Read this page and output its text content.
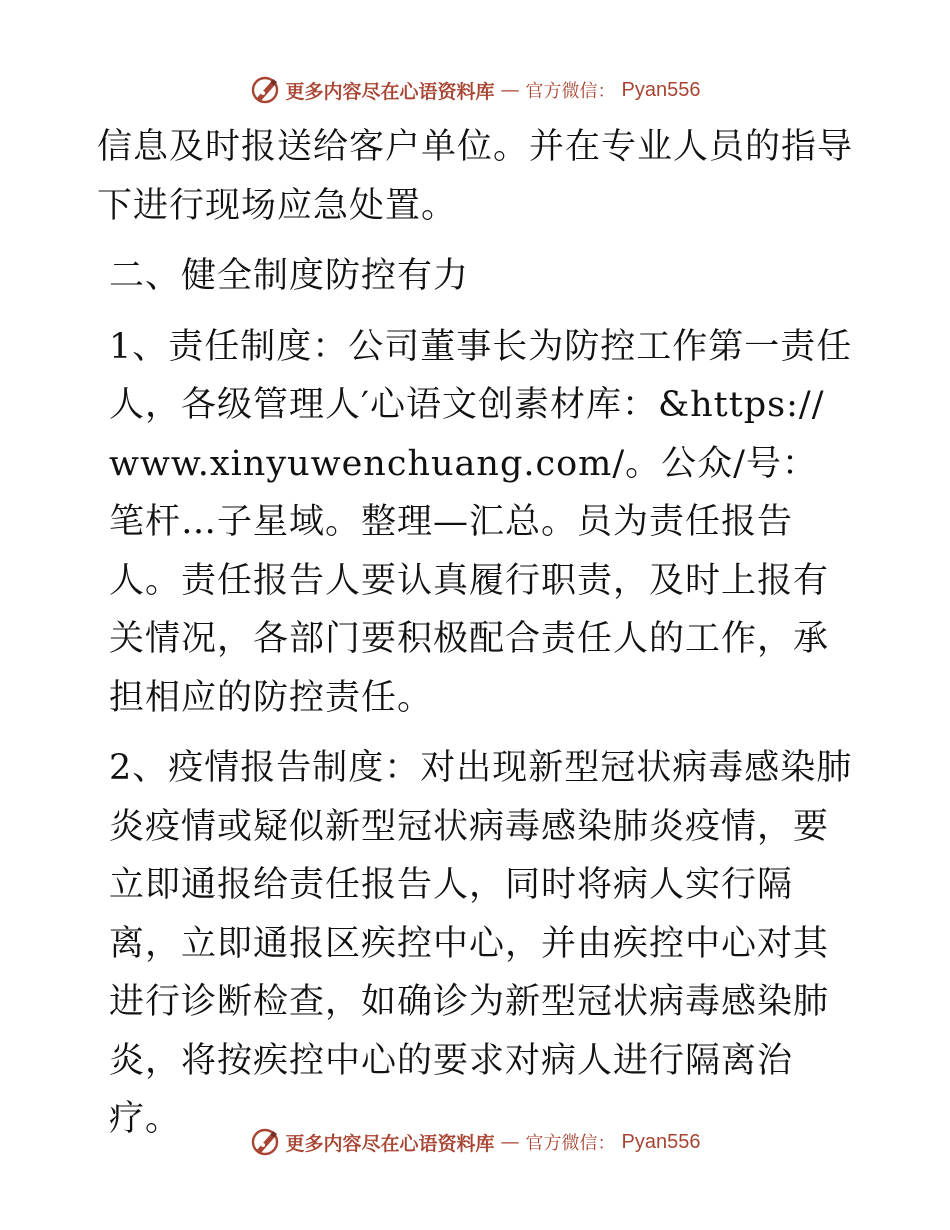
更多内容尽在心语资料库 — 官方微信： Pyan556

信息及时报送给客户单位。并在专业人员的指导下进行现场应急处置。

二、健全制度防控有力

1、责任制度：公司董事长为防控工作第一责任人，各级管理人′心语文创素材库：&https://www.xinyuwenchuang.com/。公众/号：笔杆…子星域。整理—汇总。员为责任报告人。责任报告人要认真履行职责，及时上报有关情况，各部门要积极配合责任人的工作，承担相应的防控责任。

2、疫情报告制度：对出现新型冠状病毒感染肺炎疫情或疑似新型冠状病毒感染肺炎疫情，要立即通报给责任报告人，同时将病人实行隔离，立即通报区疾控中心，并由疾控中心对其进行诊断检查，如确诊为新型冠状病毒感染肺炎，将按疾控中心的要求对病人进行隔离治疗。

更多内容尽在心语资料库 — 官方微信： Pyan556
